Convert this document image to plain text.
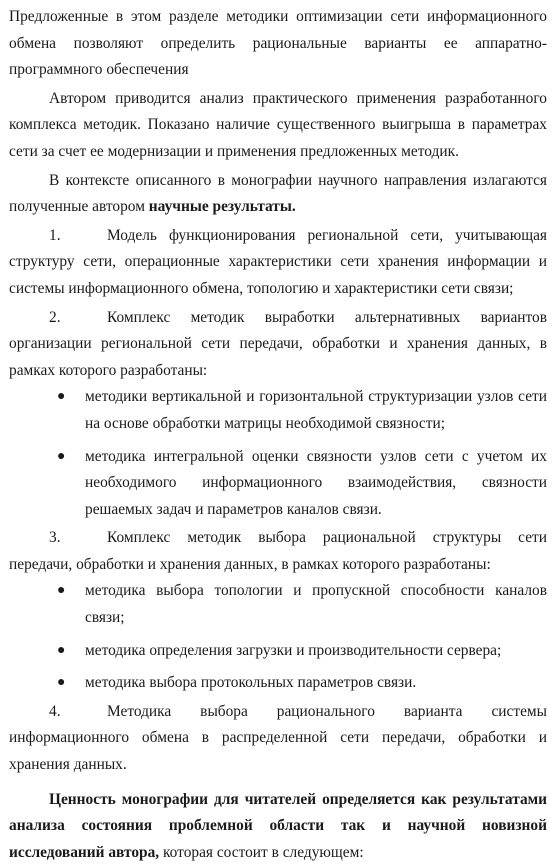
Предложенные в этом разделе методики оптимизации сети информационного обмена позволяют определить рациональные варианты ее аппаратно-программного обеспечения

Автором приводится анализ практического применения разработанного комплекса методик. Показано наличие существенного выигрыша в параметрах сети за счет ее модернизации и применения предложенных методик.

В контексте описанного в монографии научного направления излагаются полученные автором научные результаты.

1.	Модель функционирования региональной сети, учитывающая структуру сети, операционные характеристики сети хранения информации и системы информационного обмена, топологию и характеристики сети связи;

2.	Комплекс методик выработки альтернативных вариантов организации региональной сети передачи, обработки и хранения данных, в рамках которого разработаны:

● методики вертикальной и горизонтальной структуризации узлов сети на основе обработки матрицы необходимой связности;
● методика интегральной оценки связности узлов сети с учетом их необходимого информационного взаимодействия, связности решаемых задач и параметров каналов связи.

3.	Комплекс методик выбора рациональной структуры сети передачи, обработки и хранения данных, в рамках которого разработаны:

● методика выбора топологии и пропускной способности каналов связи;
● методика определения загрузки и производительности сервера;
● методика выбора протокольных параметров связи.

4.	Методика выбора рационального варианта системы информационного обмена в распределенной сети передачи, обработки и хранения данных.

Ценность монографии для читателей определяется как результатами анализа состояния проблемной области так и научной новизной исследований автора, которая состоит в следующем:
